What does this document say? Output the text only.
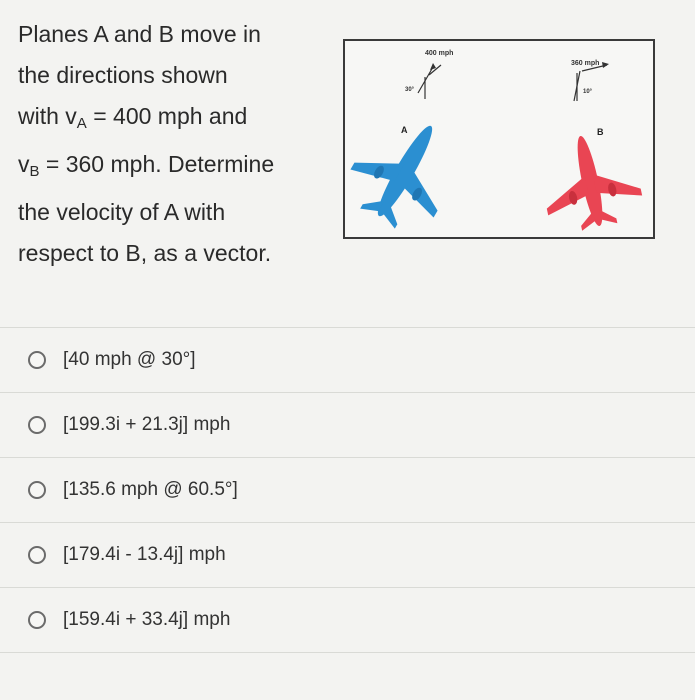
Planes A and B move in
the directions shown
with $v_A = 400$ mph and
$v_B = 360$ mph. Determine
the velocity of A with
respect to B, as a vector.
400 mph
30°
A
360 mph
10°
B
[40 mph @ 30°]
[199.3i + 21.3j] mph
[135.6 mph @ 60.5°]
[179.4i - 13.4j] mph
[159.4i + 33.4j] mph
